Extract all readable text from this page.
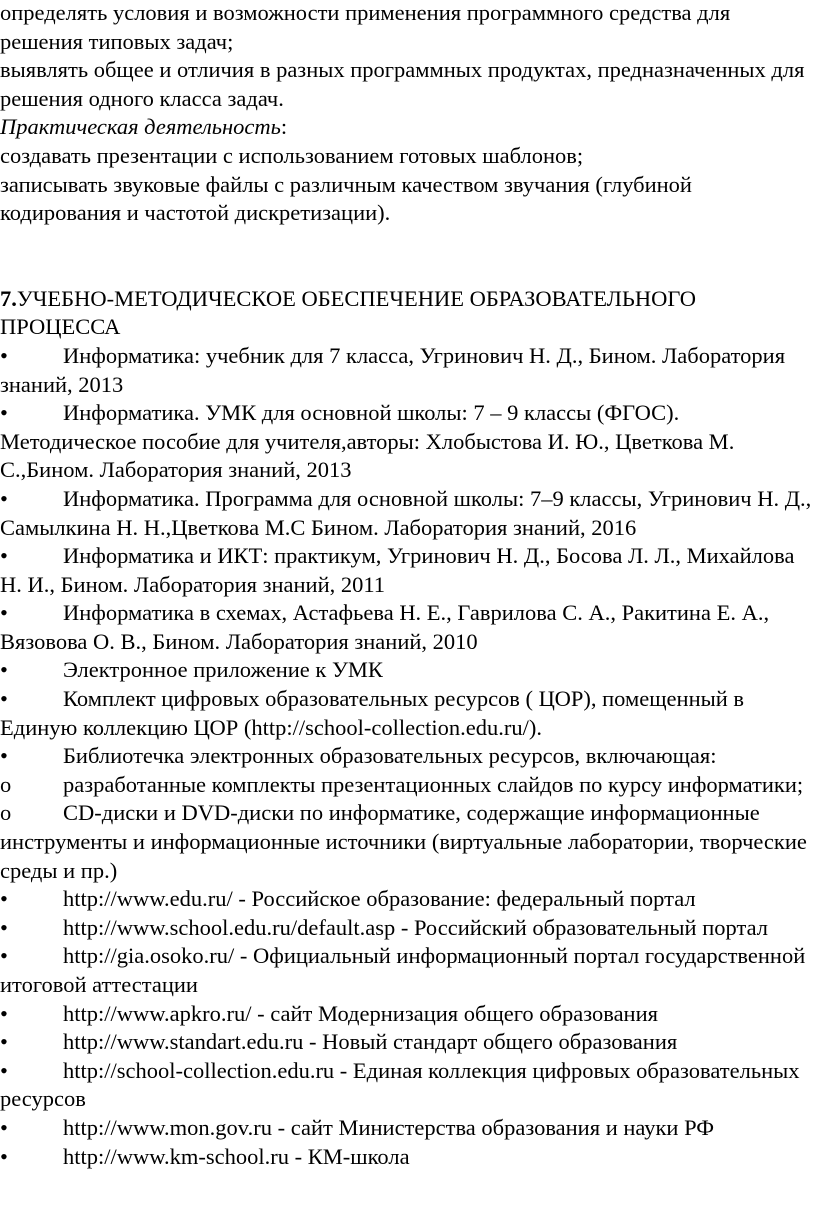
определять условия и возможности применения программного средства для решения типовых задач;

выявлять общее и отличия в разных программных продуктах, предназначенных для решения одного класса задач.

Практическая деятельность:

создавать презентации с использованием готовых шаблонов;

записывать звуковые файлы с различным качеством звучания (глубиной кодирования и частотой дискретизации).

7.УЧЕБНО-МЕТОДИЧЕСКОЕ ОБЕСПЕЧЕНИЕ ОБРАЗОВАТЕЛЬНОГО ПРОЦЕССА

• Информатика: учебник для 7 класса, Угринович Н. Д., Бином. Лаборатория знаний, 2013

• Информатика. УМК для основной школы: 7 – 9 классы (ФГОС). Методическое пособие для учителя,авторы: Хлобыстова И. Ю., Цветкова М. С.,Бином. Лаборатория знаний, 2013

• Информатика. Программа для основной школы: 7–9 классы, Угринович Н. Д., Самылкина Н. Н.,Цветкова М.С Бином. Лаборатория знаний, 2016

• Информатика и ИКТ: практикум, Угринович Н. Д., Босова Л. Л., Михайлова Н. И., Бином. Лаборатория знаний, 2011

• Информатика в схемах, Астафьева Н. Е., Гаврилова С. А., Ракитина Е. А., Вязовова О. В., Бином. Лаборатория знаний, 2010

• Электронное приложение к УМК

• Комплект цифровых образовательных ресурсов ( ЦОР), помещенный в Единую коллекцию ЦОР (http://school-collection.edu.ru/).

• Библиотечка электронных образовательных ресурсов, включающая:

o разработанные комплекты презентационных слайдов по курсу информатики;

o CD-диски и DVD-диски по информатике, содержащие информационные инструменты и информационные источники (виртуальные лаборатории, творческие среды и пр.)

• http://www.edu.ru/ - Российское образование: федеральный портал

• http://www.school.edu.ru/default.asp - Российский образовательный портал

• http://gia.osoko.ru/ - Официальный информационный портал государственной итоговой аттестации

• http://www.apkro.ru/ - сайт Модернизация общего образования

• http://www.standart.edu.ru - Новый стандарт общего образования

• http://school-collection.edu.ru - Единая коллекция цифровых образовательных ресурсов

• http://www.mon.gov.ru - сайт Министерства образования и науки РФ

• http://www.km-school.ru - КМ-школа
